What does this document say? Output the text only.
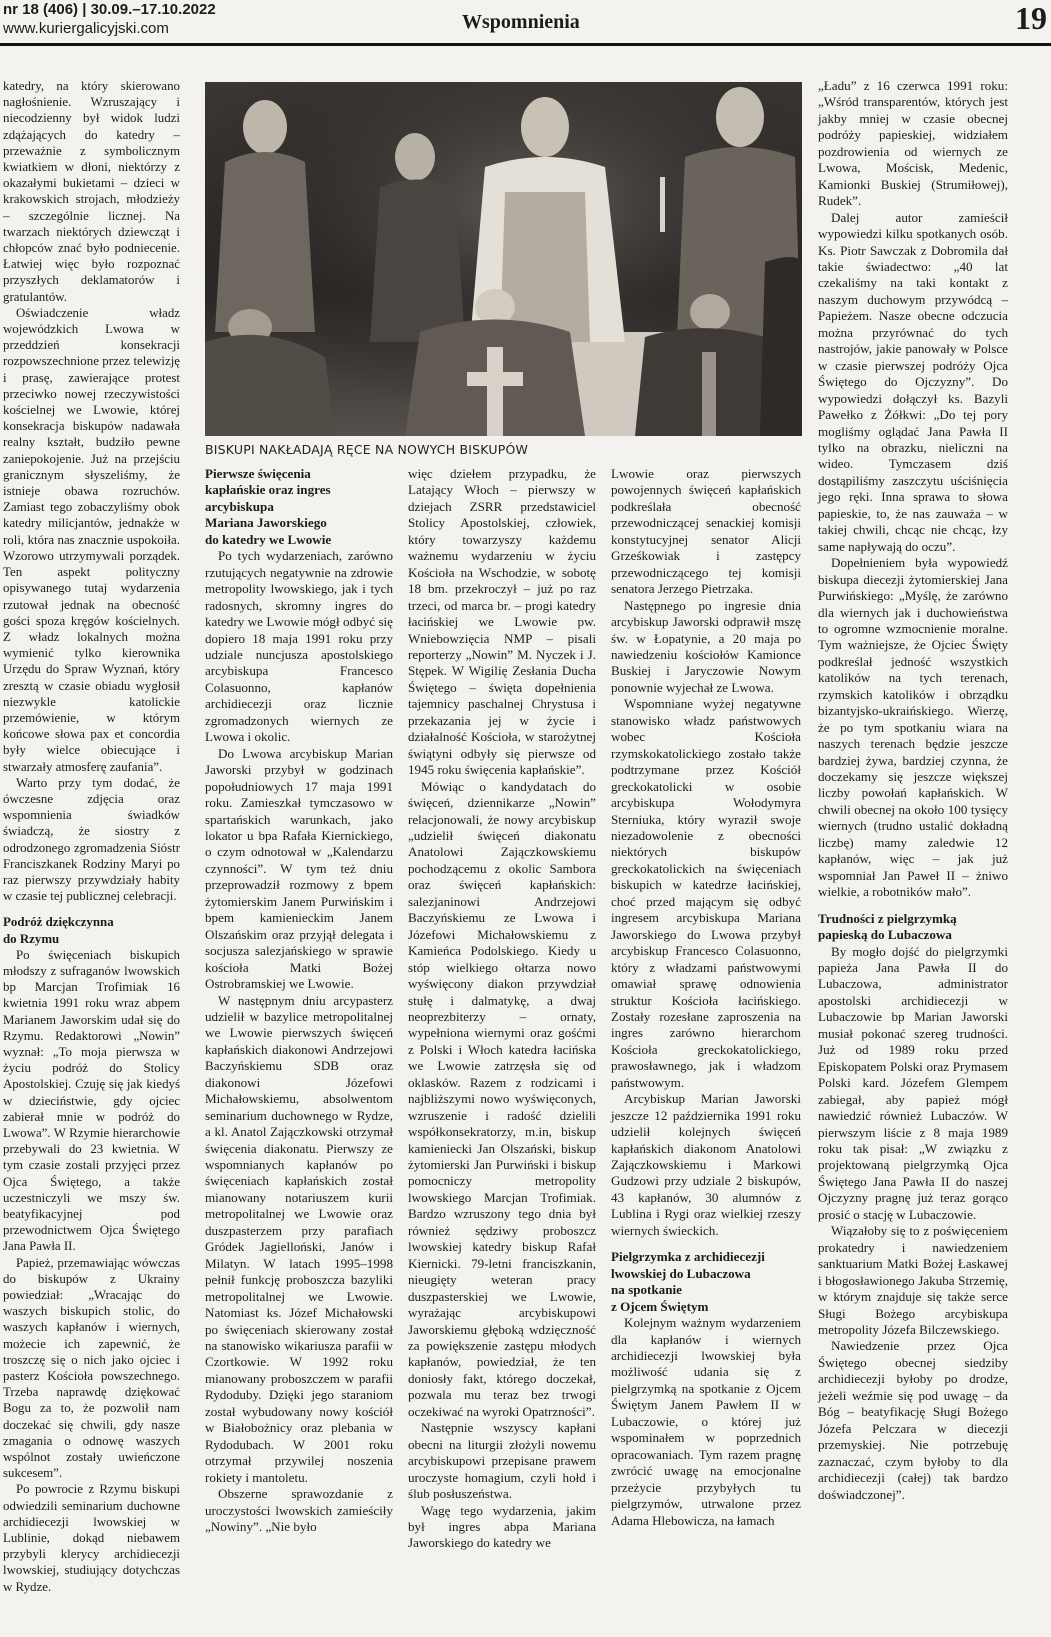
nr 18 (406) | 30.09.–17.10.2022
www.kuriergalicyjski.com	Wspomnienia	19

katedry, na który skierowano nagłośnienie. Wzruszający i niecodzienny był widok ludzi zdążających do katedry – przeważnie z symbolicznym kwiatkiem w dłoni, niektórzy z okazałymi bukietami – dzieci w krakowskich strojach, młodzieży – szczególnie licznej. Na twarzach niektórych dziewcząt i chłopców znać było podniecenie. Łatwiej więc było rozpoznać przyszłych deklamatorów i gratulantów.

Oświadczenie władz wojewódzkich Lwowa w przeddzień konsekracji rozpowszechnione przez telewizję i prasę, zawierające protest przeciwko nowej rzeczywistości kościelnej we Lwowie, której konsekracja biskupów nadawała realny kształt, budziło pewne zaniepokojenie. Już na przejściu granicznym słyszeliśmy, że istnieje obawa rozruchów. Zamiast tego zobaczyliśmy obok katedry milicjantów, jednakże w roli, która nas znacznie uspokoiła. Wzorowo utrzymywali porządek. Ten aspekt polityczny opisywanego tutaj wydarzenia rzutował jednak na obecność gości spoza kręgów kościelnych. Z władz lokalnych można wymienić tylko kierownika Urzędu do Spraw Wyznań, który zresztą w czasie obiadu wygłosił niezwykle katolickie przemówienie, w którym końcowe słowa pax et concordia były wielce obiecujące i stwarzały atmosferę zaufania”.

Warto przy tym dodać, że ówczesne zdjęcia oraz wspomnienia świadków świadczą, że siostry z odrodzonego zgromadzenia Sióstr Franciszkanek Rodziny Maryi po raz pierwszy przywdziały habity w czasie tej publicznej celebracji.

Podróż dziękczynna
do Rzymu

Po święceniach biskupich młodszy z sufraganów lwowskich bp Marcjan Trofimiak 16 kwietnia 1991 roku wraz abpem Marianem Jaworskim udał się do Rzymu. Redaktorowi „Nowin” wyznał: „To moja pierwsza w życiu podróż do Stolicy Apostolskiej. Czuję się jak kiedyś w dzieciństwie, gdy ojciec zabierał mnie w podróż do Lwowa”. W Rzymie hierarchowie przebywali do 23 kwietnia. W tym czasie zostali przyjęci przez Ojca Świętego, a także uczestniczyli we mszy św. beatyfikacyjnej pod przewodnictwem Ojca Świętego Jana Pawła II.

Papież, przemawiając wówczas do biskupów z Ukrainy powiedział: „Wracając do waszych biskupich stolic, do waszych kapłanów i wiernych, możecie ich zapewnić, że troszczę się o nich jako ojciec i pasterz Kościoła powszechnego. Trzeba naprawdę dziękować Bogu za to, że pozwolił nam doczekać się chwili, gdy nasze zmagania o odnowę waszych wspólnot zostały uwieńczone sukcesem”.

Po powrocie z Rzymu biskupi odwiedzili seminarium duchowne archidiecezji lwowskiej w Lublinie, dokąd niebawem przybyli klerycy archidiecezji lwowskiej, studiujący dotychczas w Rydze.

BISKUPI NAKŁADAJĄ RĘCE NA NOWYCH BISKUPÓW
Pierwsze święcenia
kapłańskie oraz ingres
arcybiskupa
Mariana Jaworskiego
do katedry we Lwowie

Po tych wydarzeniach, zarówno rzutujących negatywnie na zdrowie metropolity lwowskiego, jak i tych radosnych, skromny ingres do katedry we Lwowie mógł odbyć się dopiero 18 maja 1991 roku przy udziale nuncjusza apostolskiego arcybiskupa Francesco Colasuonno, kapłanów archidiecezji oraz licznie zgromadzonych wiernych ze Lwowa i okolic.

Do Lwowa arcybiskup Marian Jaworski przybył w godzinach popołudniowych 17 maja 1991 roku. Zamieszkał tymczasowo w spartańskich warunkach, jako lokator u bpa Rafała Kiernickiego, o czym odnotował w „Kalendarzu czynności”. W tym też dniu przeprowadził rozmowy z bpem żytomierskim Janem Purwińskim i bpem kamienieckim Janem Olszańskim oraz przyjął delegata i socjusza salezjańskiego w sprawie kościoła Matki Bożej Ostrobramskiej we Lwowie.

W następnym dniu arcypasterz udzielił w bazylice metropolitalnej we Lwowie pierwszych święceń kapłańskich diakonowi Andrzejowi Baczyńskiemu SDB oraz diakonowi Józefowi Michałowskiemu, absolwentom seminarium duchownego w Rydze, a kl. Anatol Zajączkowski otrzymał święcenia diakonatu. Pierwszy ze wspomnianych kapłanów po święceniach kapłańskich został mianowany notariuszem kurii metropolitalnej we Lwowie oraz duszpasterzem przy parafiach Gródek Jagielloński, Janów i Milatyn. W latach 1995–1998 pełnił funkcję proboszcza bazyliki metropolitalnej we Lwowie. Natomiast ks. Józef Michałowski po święceniach skierowany został na stanowisko wikariusza parafii w Czortkowie. W 1992 roku mianowany proboszczem w parafii Rydoduby. Dzięki jego staraniom został wybudowany nowy kościół w Białobożnicy oraz plebania w Rydodubach. W 2001 roku otrzymał przywilej noszenia rokiety i mantoletu.

Obszerne sprawozdanie z uroczystości lwowskich zamieściły „Nowiny”. „Nie było

więc dziełem przypadku, że Latający Włoch – pierwszy w dziejach ZSRR przedstawiciel Stolicy Apostolskiej, człowiek, który towarzyszy każdemu ważnemu wydarzeniu w życiu Kościoła na Wschodzie, w sobotę 18 bm. przekroczył – już po raz trzeci, od marca br. – progi katedry łacińskiej we Lwowie pw. Wniebowzięcia NMP – pisali reporterzy „Nowin” M. Nyczek i J. Stępek. W Wigilię Zesłania Ducha Świętego – święta dopełnienia tajemnicy paschalnej Chrystusa i przekazania jej w życie i działalność Kościoła, w starożytnej świątyni odbyły się pierwsze od 1945 roku święcenia kapłańskie”.

Mówiąc o kandydatach do święceń, dziennikarze „Nowin” relacjonowali, że nowy arcybiskup „udzielił święceń diakonatu Anatolowi Zajączkowskiemu pochodzącemu z okolic Samborа oraz święceń kapłańskich: salezjaninowi Andrzejowi Baczyńskiemu ze Lwowa i Józefowi Michałowskiemu z Kamieńca Podolskiego. Kiedy u stóp wielkiego ołtarza nowo wyświęcony diakon przywdział stułę i dalmatykę, a dwaj neoprezbiterzy – ornaty, wypełniona wiernymi oraz gośćmi z Polski i Włoch katedra łacińska we Lwowie zatrzęsła się od oklasków. Razem z rodzicami i najbliższymi nowo wyświęconych, wzruszenie i radość dzielili współkonsekratorzy, m.in, biskup kamieniecki Jan Olszański, biskup żytomierski Jan Purwiński i biskup pomocniczy metropolity lwowskiego Marcjan Trofimiak. Bardzo wzruszony tego dnia był również sędziwy proboszcz lwowskiej katedry biskup Rafał Kiernicki. 79-letni franciszkanin, nieugięty weteran pracy duszpasterskiej we Lwowie, wyrażając arcybiskupowi Jaworskiemu głęboką wdzięczność za powiększenie zastępu młodych kapłanów, powiedział, że ten doniosły fakt, którego doczekał, pozwala mu teraz bez trwogi oczekiwać na wyroki Opatrzności”.

Następnie wszyscy kapłani obecni na liturgii złożyli nowemu arcybiskupowi przepisane prawem uroczyste homagium, czyli hołd i ślub posłuszeństwa.

Wagę tego wydarzenia, jakim był ingres abpa Mariana Jaworskiego do katedry we

Lwowie oraz pierwszych powojennych święceń kapłańskich podkreślała obecność przewodniczącej senackiej komisji konstytucyjnej senator Alicji Grześkowiak i zastępcy przewodniczącego tej komisji senatora Jerzego Pietrzaka.

Następnego po ingresie dnia arcybiskup Jaworski odprawił mszę św. w Łopatynie, a 20 maja po nawiedzeniu kościołów Kamionce Buskiej i Jaryczowie Nowym ponownie wyjechał ze Lwowa.

Wspomniane wyżej negatywne stanowisko władz państwowych wobec Kościoła rzymskokatolickiego zostało także podtrzymane przez Kościół greckokatolicki w osobie arcybiskupa Wołodymyra Sterniuka, który wyraził swoje niezadowolenie z obecności niektórych biskupów greckokatolickich na święceniach biskupich w katedrze łacińskiej, choć przed mającym się odbyć ingresem arcybiskupa Mariana Jaworskiego do Lwowa przybył arcybiskup Francesco Colasuonno, który z władzami państwowymi omawiał sprawę odnowienia struktur Kościoła łacińskiego. Zostały rozesłane zaproszenia na ingres zarówno hierarchom Kościoła greckokatolickiego, prawosławnego, jak i władzom państwowym.

Arcybiskup Marian Jaworski jeszcze 12 października 1991 roku udzielił kolejnych święceń kapłańskich diakonom Anatolowi Zajączkowskiemu i Markowi Gudzowi przy udziale 2 biskupów, 43 kapłanów, 30 alumnów z Lublina i Rygi oraz wielkiej rzeszy wiernych świeckich.

Pielgrzymka z archidiecezji
lwowskiej do Lubaczowa
na spotkanie
z Ojcem Świętym

Kolejnym ważnym wydarzeniem dla kapłanów i wiernych archidiecezji lwowskiej była możliwość udania się z pielgrzymką na spotkanie z Ojcem Świętym Janem Pawłem II w Lubaczowie, o której już wspominałem w poprzednich opracowaniach. Tym razem pragnę zwrócić uwagę na emocjonalne przeżycie przybyłych tu pielgrzymów, utrwalone przez Adama Hlebowicza, na łamach

„Ładu” z 16 czerwca 1991 roku: „Wśród transparentów, których jest jakby mniej w czasie obecnej podróży papieskiej, widziałem pozdrowienia od wiernych ze Lwowa, Mościsk, Medenic, Kamionki Buskiej (Strumiłowej), Rudek”.

Dalej autor zamieścił wypowiedzi kilku spotkanych osób. Ks. Piotr Sawczak z Dobromila dał takie świadectwo: „40 lat czekaliśmy na taki kontakt z naszym duchowym przywódcą – Papieżem. Nasze obecne odczucia można przyrównać do tych nastrojów, jakie panowały w Polsce w czasie pierwszej podróży Ojca Świętego do Ojczyzny”. Do wypowiedzi dołączył ks. Bazyli Pawełko z Żółkwi: „Do tej pory mogliśmy oglądać Jana Pawła II tylko na obrazku, nieliczni na wideo. Tymczasem dziś dostąpiliśmy zaszczytu uściśnięcia jego ręki. Inna sprawa to słowa papieskie, to, że nas zauważa – w takiej chwili, chcąc nie chcąc, łzy same napływają do oczu”.

Dopełnieniem była wypowiedź biskupa diecezji żytomierskiej Jana Purwińskiego: „Myślę, że zarówno dla wiernych jak i duchowieństwa to ogromne wzmocnienie moralne. Tym ważniejsze, że Ojciec Święty podkreślał jedność wszystkich katolików na tych terenach, rzymskich katolików i obrządku bizantyjsko-ukraińskiego. Wierzę, że po tym spotkaniu wiara na naszych terenach będzie jeszcze bardziej żywa, bardziej czynna, że doczekamy się jeszcze większej liczby powołań kapłańskich. W chwili obecnej na około 100 tysięcy wiernych (trudno ustalić dokładną liczbę) mamy zaledwie 12 kapłanów, więc – jak już wspomniał Jan Paweł II – żniwo wielkie, a robotników mało”.

Trudności z pielgrzymką
papieską do Lubaczowa

By mogło dojść do pielgrzymki papieża Jana Pawła II do Lubaczowa, administrator apostolski archidiecezji w Lubaczowie bp Marian Jaworski musiał pokonać szereg trudności. Już od 1989 roku przed Episkopatem Polski oraz Prymasem Polski kard. Józefem Glempem zabiegał, aby papież mógł nawiedzić również Lubaczów. W pierwszym liście z 8 maja 1989 roku tak pisał: „W związku z projektowaną pielgrzymką Ojca Świętego Jana Pawła II do naszej Ojczyzny pragnę już teraz gorąco prosić o stację w Lubaczowie.

Wiązałoby się to z poświęceniem prokatedry i nawiedzeniem sanktuarium Matki Bożej Łaskawej i błogosławionego Jakuba Strzemię, w którym znajduje się także serce Sługi Bożego arcybiskupa metropolity Józefa Bilczewskiego.

Nawiedzenie przez Ojca Świętego obecnej siedziby archidiecezji byłoby po drodze, jeżeli weźmie się pod uwagę – da Bóg – beatyfikację Sługi Bożego Józefa Pelczara w diecezji przemyskiej. Nie potrzebuję zaznaczać, czym byłoby to dla archidiecezji (całej) tak bardzo doświadczonej”.
